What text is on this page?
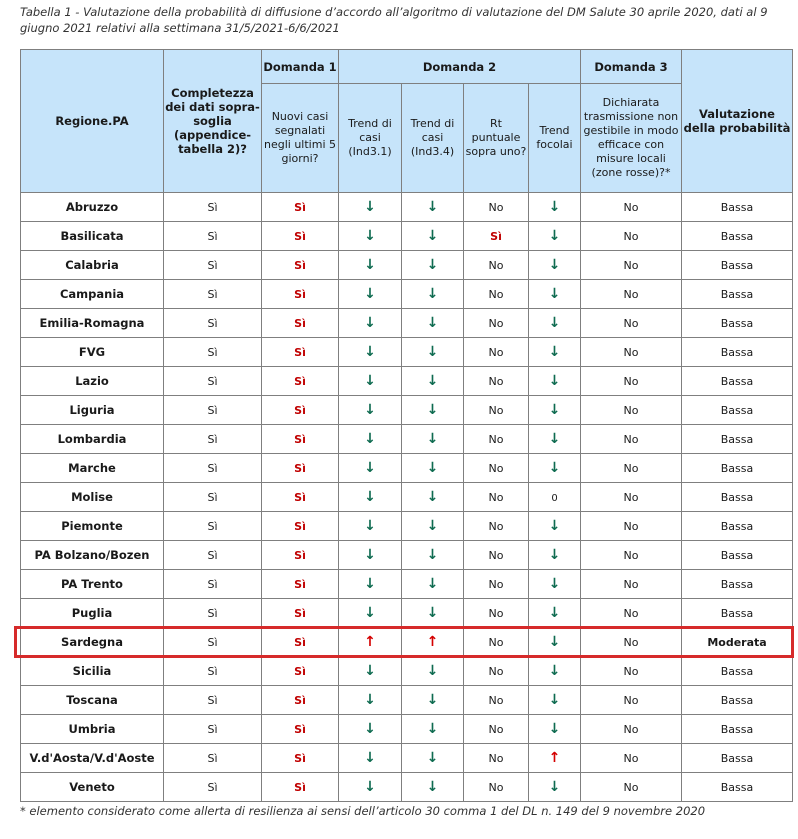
Tabella 1 - Valutazione della probabilità di diffusione d’accordo all’algoritmo di valutazione del DM Salute 30 aprile 2020, dati al 9 giugno 2021 relativi alla settimana 31/5/2021-6/6/2021
Regione.PA	Completezza dei dati sopra-soglia (appendice-tabella 2)?	Domanda 1	Domanda 2				Domanda 3	Valutazione della probabilità
		Nuovi casi segnalati negli ultimi 5 giorni?	Trend di casi (Ind3.1)	Trend di casi (Ind3.4)	Rt puntuale sopra uno?	Trend focolai	Dichiarata trasmissione non gestibile in modo efficace con misure locali (zone rosse)?*	
Abruzzo	Sì	Sì	↓	↓	No	↓	No	Bassa
Basilicata	Sì	Sì	↓	↓	Sì	↓	No	Bassa
Calabria	Sì	Sì	↓	↓	No	↓	No	Bassa
Campania	Sì	Sì	↓	↓	No	↓	No	Bassa
Emilia-Romagna	Sì	Sì	↓	↓	No	↓	No	Bassa
FVG	Sì	Sì	↓	↓	No	↓	No	Bassa
Lazio	Sì	Sì	↓	↓	No	↓	No	Bassa
Liguria	Sì	Sì	↓	↓	No	↓	No	Bassa
Lombardia	Sì	Sì	↓	↓	No	↓	No	Bassa
Marche	Sì	Sì	↓	↓	No	↓	No	Bassa
Molise	Sì	Sì	↓	↓	No	0	No	Bassa
Piemonte	Sì	Sì	↓	↓	No	↓	No	Bassa
PA Bolzano/Bozen	Sì	Sì	↓	↓	No	↓	No	Bassa
PA Trento	Sì	Sì	↓	↓	No	↓	No	Bassa
Puglia	Sì	Sì	↓	↓	No	↓	No	Bassa
Sardegna	Sì	Sì	↑	↑	No	↓	No	Moderata
Sicilia	Sì	Sì	↓	↓	No	↓	No	Bassa
Toscana	Sì	Sì	↓	↓	No	↓	No	Bassa
Umbria	Sì	Sì	↓	↓	No	↓	No	Bassa
V.d'Aosta/V.d'Aoste	Sì	Sì	↓	↓	No	↑	No	Bassa
Veneto	Sì	Sì	↓	↓	No	↓	No	Bassa
* elemento considerato come allerta di resilienza ai sensi dell’articolo 30 comma 1 del DL n. 149 del 9 novembre 2020
